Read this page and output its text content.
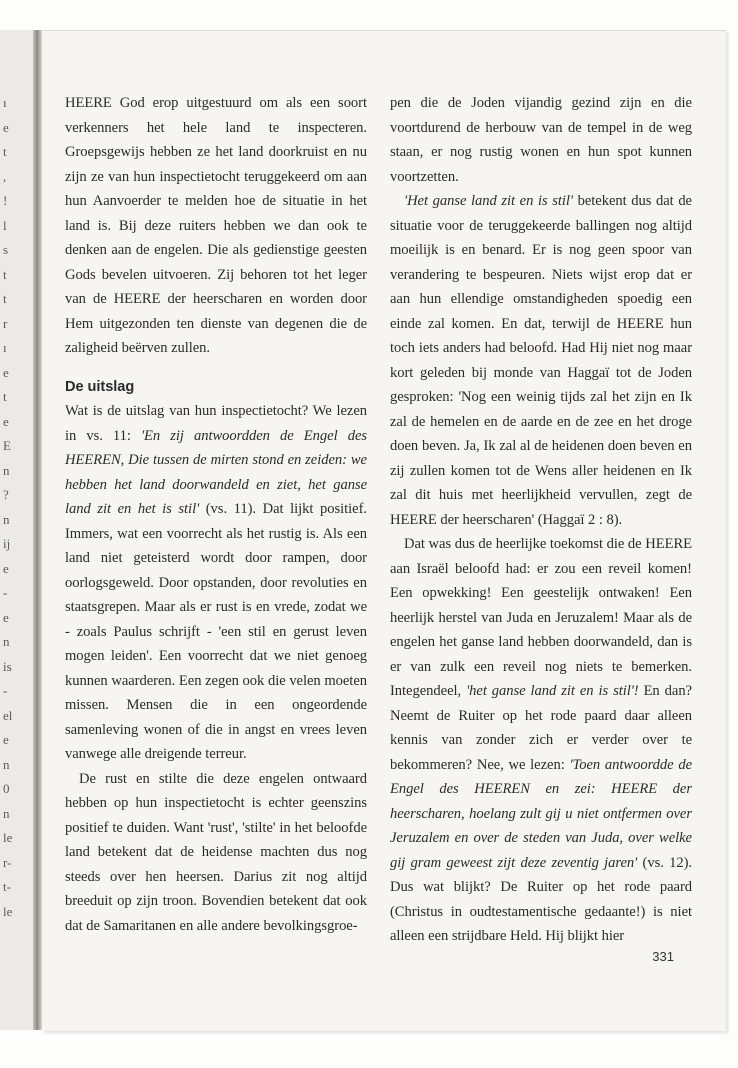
ı
e
t
,
!
l
s
t
t
r
ı
e
t
e
E
n
?
n
ij
e
-
e
n
is
-
el
e
n
0
n
le
r-
t-
le

HEERE God erop uitgestuurd om als een soort verkenners het hele land te inspecteren. Groepsgewijs hebben ze het land doorkruist en nu zijn ze van hun inspectietocht teruggekeerd om aan hun Aanvoerder te melden hoe de situatie in het land is. Bij deze ruiters hebben we dan ook te denken aan de engelen. Die als gedienstige geesten Gods bevelen uitvoeren. Zij behoren tot het leger van de HEERE der heerscharen en worden door Hem uitgezonden ten dienste van degenen die de zaligheid beërven zullen.

De uitslag

Wat is de uitslag van hun inspectietocht? We lezen in vs. 11: 'En zij antwoordden de Engel des HEEREN, Die tussen de mirten stond en zeiden: we hebben het land doorwandeld en ziet, het ganse land zit en het is stil' (vs. 11). Dat lijkt positief. Immers, wat een voorrecht als het rustig is. Als een land niet geteisterd wordt door rampen, door oorlogsgeweld. Door opstanden, door revoluties en staatsgrepen. Maar als er rust is en vrede, zodat we - zoals Paulus schrijft - 'een stil en gerust leven mogen leiden'. Een voorrecht dat we niet genoeg kunnen waarderen. Een zegen ook die velen moeten missen. Mensen die in een ongeordende samenleving wonen of die in angst en vrees leven vanwege alle dreigende terreur.

De rust en stilte die deze engelen ontwaard hebben op hun inspectietocht is echter geenszins positief te duiden. Want 'rust', 'stilte' in het beloofde land betekent dat de heidense machten dus nog steeds over hen heersen. Darius zit nog altijd breeduit op zijn troon. Bovendien betekent dat ook dat de Samaritanen en alle andere bevolkingsgroe-

pen die de Joden vijandig gezind zijn en die voortdurend de herbouw van de tempel in de weg staan, er nog rustig wonen en hun spot kunnen voortzetten.

'Het ganse land zit en is stil' betekent dus dat de situatie voor de teruggekeerde ballingen nog altijd moeilijk is en benard. Er is nog geen spoor van verandering te bespeuren. Niets wijst erop dat er aan hun ellendige omstandigheden spoedig een einde zal komen. En dat, terwijl de HEERE hun toch iets anders had beloofd. Had Hij niet nog maar kort geleden bij monde van Haggaï tot de Joden gesproken: 'Nog een weinig tijds zal het zijn en Ik zal de hemelen en de aarde en de zee en het droge doen beven. Ja, Ik zal al de heidenen doen beven en zij zullen komen tot de Wens aller heidenen en Ik zal dit huis met heerlijkheid vervullen, zegt de HEERE der heerscharen' (Haggaï 2 : 8).

Dat was dus de heerlijke toekomst die de HEERE aan Israël beloofd had: er zou een reveil komen! Een opwekking! Een geestelijk ontwaken! Een heerlijk herstel van Juda en Jeruzalem! Maar als de engelen het ganse land hebben doorwandeld, dan is er van zulk een reveil nog niets te bemerken. Integendeel, 'het ganse land zit en is stil'! En dan? Neemt de Ruiter op het rode paard daar alleen kennis van zonder zich er verder over te bekommeren? Nee, we lezen: 'Toen antwoordde de Engel des HEEREN en zei: HEERE der heerscharen, hoelang zult gij u niet ontfermen over Jeruzalem en over de steden van Juda, over welke gij gram geweest zijt deze zeventig jaren' (vs. 12). Dus wat blijkt? De Ruiter op het rode paard (Christus in oudtestamentische gedaante!) is niet alleen een strijdbare Held. Hij blijkt hier

331
